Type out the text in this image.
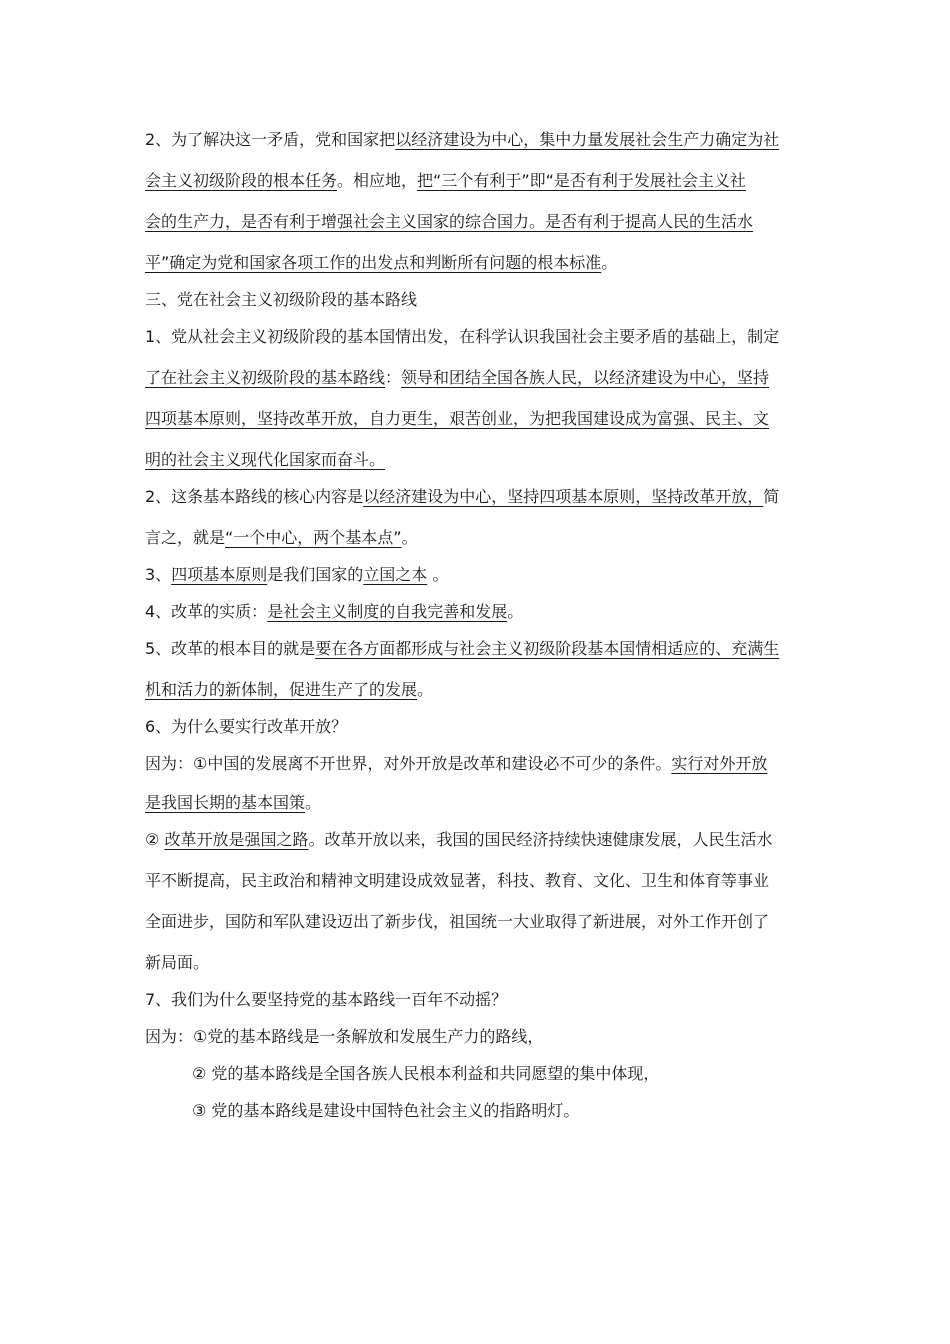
2、为了解决这一矛盾，党和国家把以经济建设为中心，集中力量发展社会生产力确定为社
会主义初级阶段的根本任务。相应地，把“三个有利于”即“是否有利于发展社会主义社
会的生产力，是否有利于增强社会主义国家的综合国力。是否有利于提高人民的生活水
平”确定为党和国家各项工作的出发点和判断所有问题的根本标准。
三、党在社会主义初级阶段的基本路线
1、党从社会主义初级阶段的基本国情出发，在科学认识我国社会主要矛盾的基础上，制定
了在社会主义初级阶段的基本路线：领导和团结全国各族人民，以经济建设为中心，坚持
四项基本原则，坚持改革开放，自力更生，艰苦创业，为把我国建设成为富强、民主、文
明的社会主义现代化国家而奋斗。
2、这条基本路线的核心内容是以经济建设为中心，坚持四项基本原则，坚持改革开放，简
言之，就是“一个中心，两个基本点”。
3、四项基本原则是我们国家的立国之本 。
4、改革的实质：是社会主义制度的自我完善和发展。
5、改革的根本目的就是要在各方面都形成与社会主义初级阶段基本国情相适应的、充满生
机和活力的新体制，促进生产了的发展。
6、为什么要实行改革开放？
因为：①中国的发展离不开世界，对外开放是改革和建设必不可少的条件。实行对外开放
是我国长期的基本国策。
② 改革开放是强国之路。改革开放以来，我国的国民经济持续快速健康发展，人民生活水
平不断提高，民主政治和精神文明建设成效显著，科技、教育、文化、卫生和体育等事业
全面进步，国防和军队建设迈出了新步伐，祖国统一大业取得了新进展，对外工作开创了
新局面。
7、我们为什么要坚持党的基本路线一百年不动摇？
因为：①党的基本路线是一条解放和发展生产力的路线，
② 党的基本路线是全国各族人民根本利益和共同愿望的集中体现，
③ 党的基本路线是建设中国特色社会主义的指路明灯。
